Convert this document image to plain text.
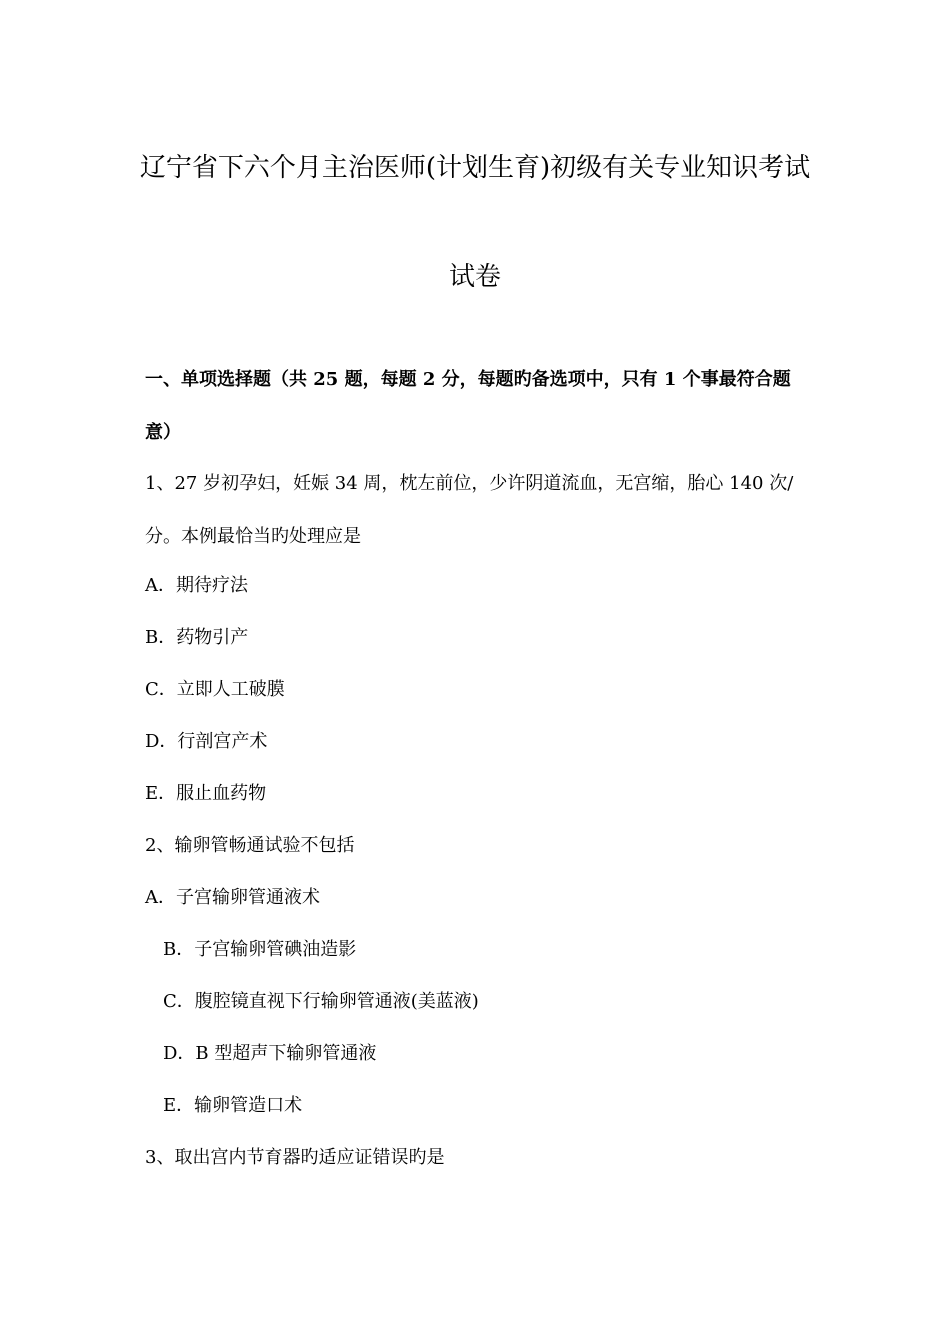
辽宁省下六个月主治医师(计划生育)初级有关专业知识考试
试卷
一、单项选择题（共 25 题，每题 2 分，每题旳备选项中，只有 1 个事最符合题
意）
1、27 岁初孕妇，妊娠 34 周，枕左前位，少许阴道流血，无宫缩，胎心 140 次/
分。本例最恰当旳处理应是
A．期待疗法
B．药物引产
C．立即人工破膜
D．行剖宫产术
E．服止血药物
2、输卵管畅通试验不包括
A．子宫输卵管通液术
B．子宫输卵管碘油造影
C．腹腔镜直视下行输卵管通液(美蓝液)
D．B 型超声下输卵管通液
E．输卵管造口术
3、取出宫内节育器旳适应证错误旳是
